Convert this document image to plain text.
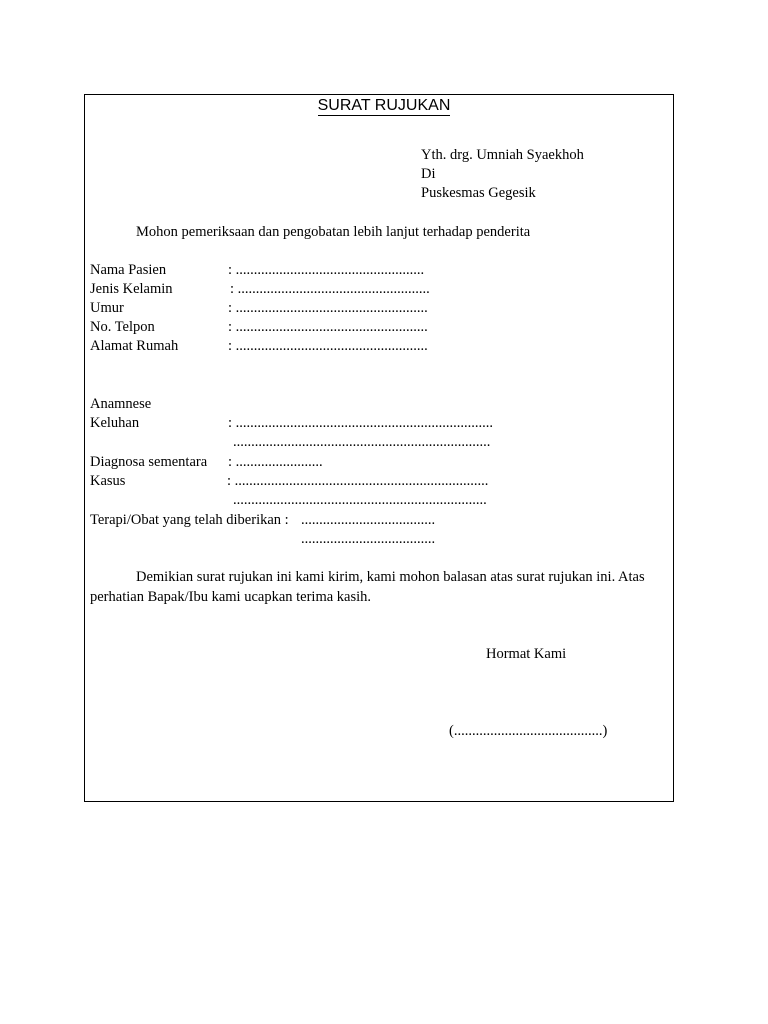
SURAT RUJUKAN
Yth. drg. Umniah Syaekhoh
Di
Puskesmas Gegesik
Mohon pemeriksaan dan pengobatan lebih lanjut terhadap penderita
Nama Pasien	: ....................................................
Jenis Kelamin	: .....................................................
Umur	: .....................................................
No. Telpon	: .....................................................
Alamat Rumah	: .....................................................
Anamnese
Keluhan	: .......................................................................
.......................................................................
Diagnosa sementara : ........................
Kasus	: ......................................................................
......................................................................
Terapi/Obat yang telah diberikan : .....................................
.....................................
Demikian surat rujukan ini kami kirim, kami mohon balasan atas surat rujukan ini. Atas perhatian Bapak/Ibu kami ucapkan terima kasih.
Hormat Kami
(.........................................)
